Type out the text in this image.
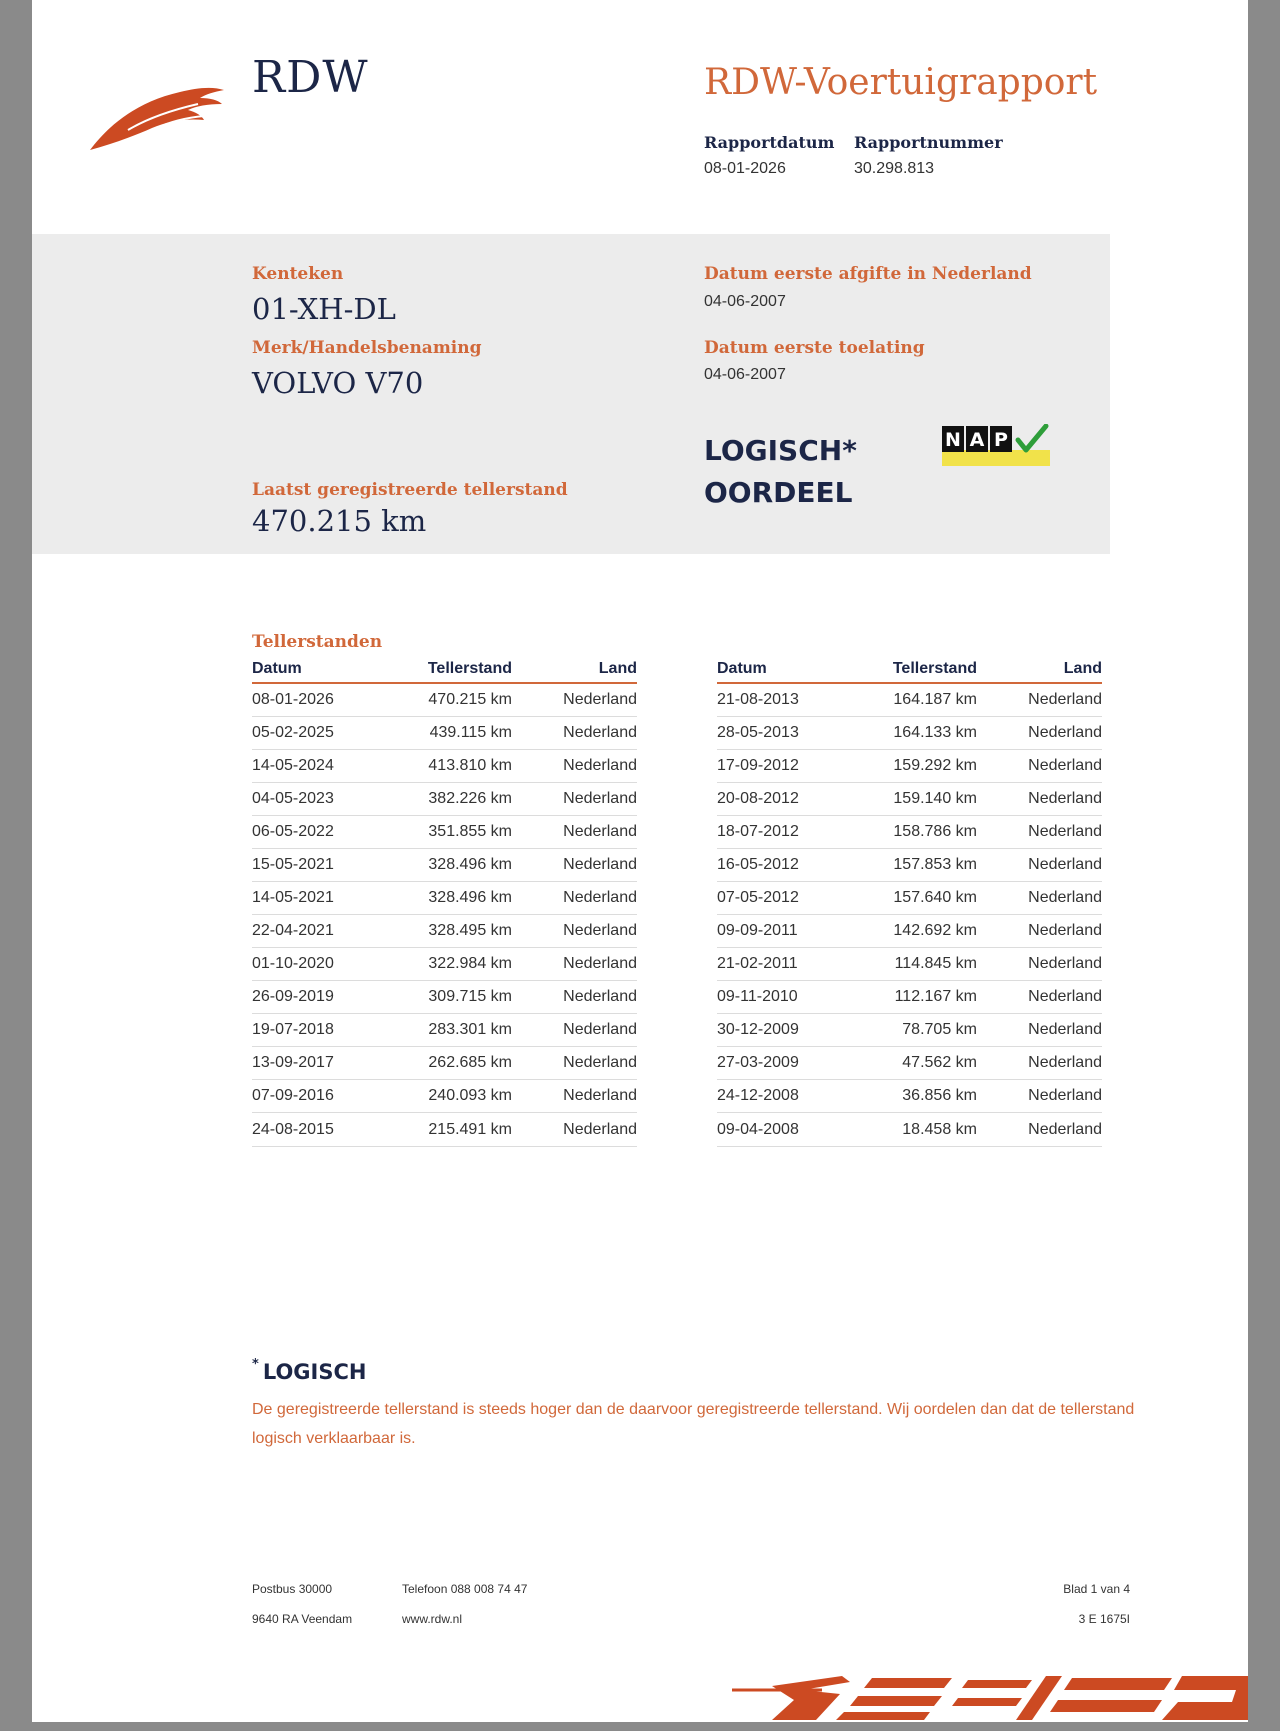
RDW	RDW-Voertuigrapport
Rapportdatum
08-01-2026
Rapportnummer
30.298.813
Kenteken
01-XH-DL
Merk/Handelsbenaming
VOLVO V70
Laatst geregistreerde tellerstand
470.215 km
Datum eerste afgifte in Nederland
04-06-2007
Datum eerste toelating
04-06-2007
LOGISCH*
OORDEEL
N A P
Tellerstanden
Datum	Tellerstand	Land
08-01-2026	470.215 km	Nederland
05-02-2025	439.115 km	Nederland
14-05-2024	413.810 km	Nederland
04-05-2023	382.226 km	Nederland
06-05-2022	351.855 km	Nederland
15-05-2021	328.496 km	Nederland
14-05-2021	328.496 km	Nederland
22-04-2021	328.495 km	Nederland
01-10-2020	322.984 km	Nederland
26-09-2019	309.715 km	Nederland
19-07-2018	283.301 km	Nederland
13-09-2017	262.685 km	Nederland
07-09-2016	240.093 km	Nederland
24-08-2015	215.491 km	Nederland
Datum	Tellerstand	Land
21-08-2013	164.187 km	Nederland
28-05-2013	164.133 km	Nederland
17-09-2012	159.292 km	Nederland
20-08-2012	159.140 km	Nederland
18-07-2012	158.786 km	Nederland
16-05-2012	157.853 km	Nederland
07-05-2012	157.640 km	Nederland
09-09-2011	142.692 km	Nederland
21-02-2011	114.845 km	Nederland
09-11-2010	112.167 km	Nederland
30-12-2009	78.705 km	Nederland
27-03-2009	47.562 km	Nederland
24-12-2008	36.856 km	Nederland
09-04-2008	18.458 km	Nederland
* LOGISCH
De geregistreerde tellerstand is steeds hoger dan de daarvoor geregistreerde tellerstand. Wij oordelen dan dat de tellerstand logisch verklaarbaar is.
Postbus 30000
9640 RA Veendam
Telefoon 088 008 74 47
www.rdw.nl
Blad 1 van 4
3 E 1675I
